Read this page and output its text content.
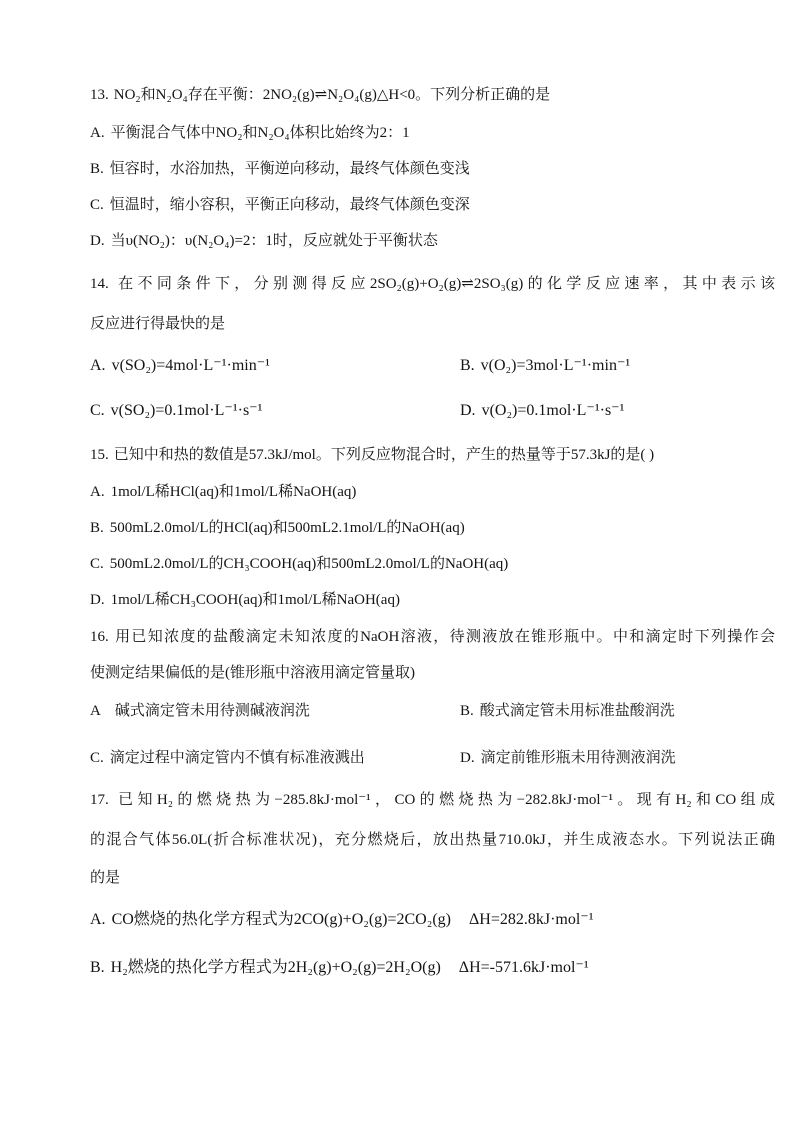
13. NO₂和N₂O₄存在平衡：2NO₂(g)⇌N₂O₄(g)△H<0。下列分析正确的是
A. 平衡混合气体中NO₂和N₂O₄体积比始终为2：1
B. 恒容时，水浴加热，平衡逆向移动，最终气体颜色变浅
C. 恒温时，缩小容积，平衡正向移动，最终气体颜色变深
D. 当υ(NO₂)：υ(N₂O₄)=2：1时，反应就处于平衡状态
14. 在不同条件下，分别测得反应2SO₂(g)+O₂(g)⇌2SO₃(g)的化学反应速率，其中表示该
反应进行得最快的是
A. v(SO₂)=4mol·L⁻¹·min⁻¹	B. v(O₂)=3mol·L⁻¹·min⁻¹
C. v(SO₂)=0.1mol·L⁻¹·s⁻¹	D. v(O₂)=0.1mol·L⁻¹·s⁻¹
15. 已知中和热的数值是57.3kJ/mol。下列反应物混合时，产生的热量等于57.3kJ的是( )
A. 1mol/L稀HCl(aq)和1mol/L稀NaOH(aq)
B. 500mL2.0mol/L的HCl(aq)和500mL2.1mol/L的NaOH(aq)
C. 500mL2.0mol/L的CH₃COOH(aq)和500mL2.0mol/L的NaOH(aq)
D. 1mol/L稀CH₃COOH(aq)和1mol/L稀NaOH(aq)
16. 用已知浓度的盐酸滴定未知浓度的NaOH溶液，待测液放在锥形瓶中。中和滴定时下列操作会
使测定结果偏低的是(锥形瓶中溶液用滴定管量取)
A 碱式滴定管未用待测碱液润洗	B. 酸式滴定管未用标准盐酸润洗
C. 滴定过程中滴定管内不慎有标准液溅出	D. 滴定前锥形瓶未用待测液润洗
17. 已知H₂的燃烧热为−285.8kJ·mol⁻¹，CO的燃烧热为−282.8kJ·mol⁻¹。现有H₂和CO组成
的混合气体56.0L(折合标准状况)，充分燃烧后，放出热量710.0kJ，并生成液态水。下列说法正确
的是
A. CO燃烧的热化学方程式为2CO(g)+O₂(g)=2CO₂(g) ΔH=282.8kJ·mol⁻¹
B. H₂燃烧的热化学方程式为2H₂(g)+O₂(g)=2H₂O(g) ΔH=-571.6kJ·mol⁻¹
